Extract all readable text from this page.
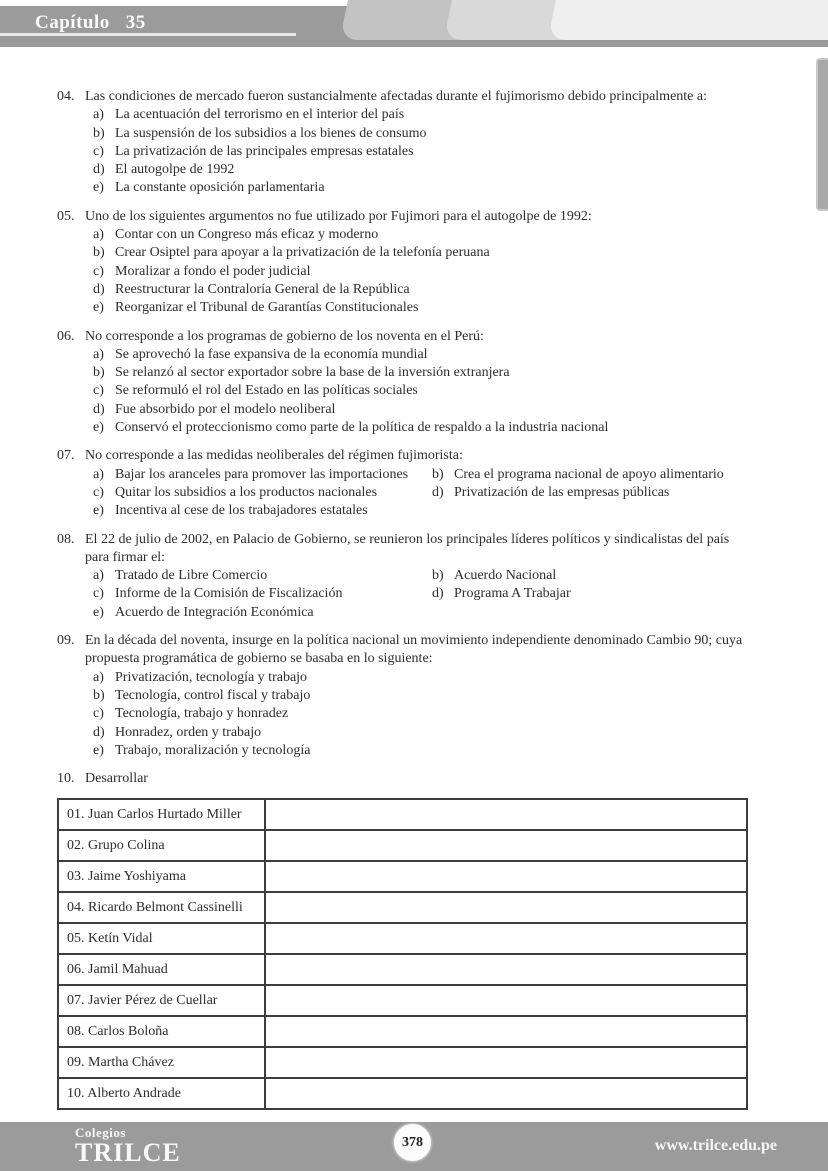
Capítulo 35
04. Las condiciones de mercado fueron sustancialmente afectadas durante el fujimorismo debido principalmente a:
a) La acentuación del terrorismo en el interior del país
b) La suspensión de los subsidios a los bienes de consumo
c) La privatización de las principales empresas estatales
d) El autogolpe de 1992
e) La constante oposición parlamentaria
05. Uno de los siguientes argumentos no fue utilizado por Fujimori para el autogolpe de 1992:
a) Contar con un Congreso más eficaz y moderno
b) Crear Osiptel para apoyar a la privatización de la telefonía peruana
c) Moralizar a fondo el poder judicial
d) Reestructurar la Contraloría General de la República
e) Reorganizar el Tribunal de Garantías Constitucionales
06. No corresponde a los programas de gobierno de los noventa en el Perú:
a) Se aprovechó la fase expansiva de la economía mundial
b) Se relanzó al sector exportador sobre la base de la inversión extranjera
c) Se reformuló el rol del Estado en las políticas sociales
d) Fue absorbido por el modelo neoliberal
e) Conservó el proteccionismo como parte de la política de respaldo a la industria nacional
07. No corresponde a las medidas neoliberales del régimen fujimorista:
a) Bajar los aranceles para promover las importaciones	b) Crea el programa nacional de apoyo alimentario
c) Quitar los subsidios a los productos nacionales	d) Privatización de las empresas públicas
e) Incentiva al cese de los trabajadores estatales
08. El 22 de julio de 2002, en Palacio de Gobierno, se reunieron los principales líderes políticos y sindicalistas del país para firmar el:
a) Tratado de Libre Comercio	b) Acuerdo Nacional
c) Informe de la Comisión de Fiscalización	d) Programa A Trabajar
e) Acuerdo de Integración Económica
09. En la década del noventa, insurge en la política nacional un movimiento independiente denominado Cambio 90; cuya propuesta programática de gobierno se basaba en lo siguiente:
a) Privatización, tecnología y trabajo
b) Tecnología, control fiscal y trabajo
c) Tecnología, trabajo y honradez
d) Honradez, orden y trabajo
e) Trabajo, moralización y tecnología
10. Desarrollar
01. Juan Carlos Hurtado Miller	
02. Grupo Colina	
03. Jaime Yoshiyama	
04. Ricardo Belmont Cassinelli	
05. Ketín Vidal	
06. Jamil Mahuad	
07. Javier Pérez de Cuellar	
08. Carlos Boloña	
09. Martha Chávez	
10. Alberto Andrade	
Colegios
TRILCE	378	www.trilce.edu.pe
